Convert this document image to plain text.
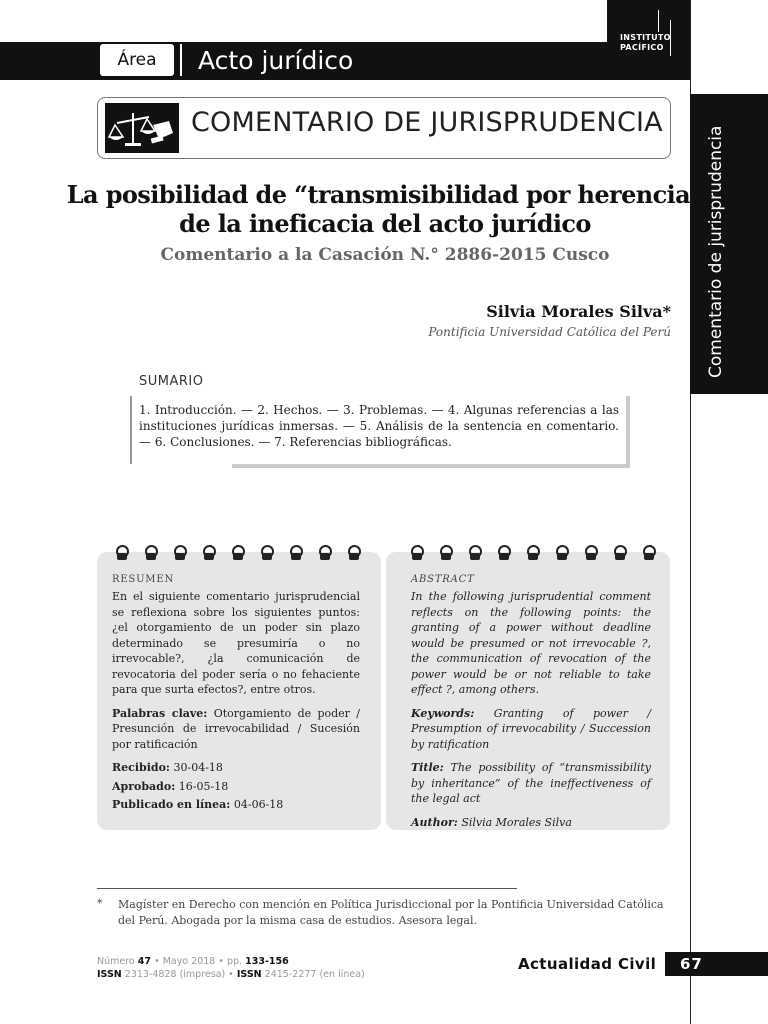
Área Acto jurídico
INSTITUTO PACÍFICO
Comentario de jurisprudencia
COMENTARIO DE JURISPRUDENCIA
La posibilidad de “transmisibilidad por herencia”
de la ineficacia del acto jurídico
Comentario a la Casación N.° 2886-2015 Cusco
Silvia Morales Silva*
Pontificia Universidad Católica del Perú
SUMARIO
1. Introducción. — 2. Hechos. — 3. Problemas. — 4. Algunas referencias a las instituciones jurídicas inmersas. — 5. Análisis de la sentencia en comentario. — 6. Conclusiones. — 7. Referencias bibliográficas.
RESUMEN

En el siguiente comentario jurisprudencial se reflexiona sobre los siguientes puntos: ¿el otorgamiento de un poder sin plazo determinado se presumiría o no irrevocable?, ¿la comunicación de revocatoria del poder sería o no fehaciente para que surta efectos?, entre otros.

Palabras clave: Otorgamiento de poder / Presunción de irrevocabilidad / Sucesión por ratificación

Recibido: 30-04-18

Aprobado: 16-05-18

Publicado en línea: 04-06-18

ABSTRACT

In the following jurisprudential comment reflects on the following points: the granting of a power without deadline would be presumed or not irrevocable ?, the communication of revocation of the power would be or not reliable to take effect ?, among others.

Keywords: Granting of power / Presumption of irrevocability / Succession by ratification

Title: The possibility of “transmissibility by inheritance” of the ineffectiveness of the legal act

Author: Silvia Morales Silva

* Magíster en Derecho con mención en Política Jurisdiccional por la Pontificia Universidad Católica del Perú. Abogada por la misma casa de estudios. Asesora legal.
Número 47 • Mayo 2018 • pp. 133-156
ISSN 2313-4828 (impresa) • ISSN 2415-2277 (en línea)
Actualidad Civil 67
